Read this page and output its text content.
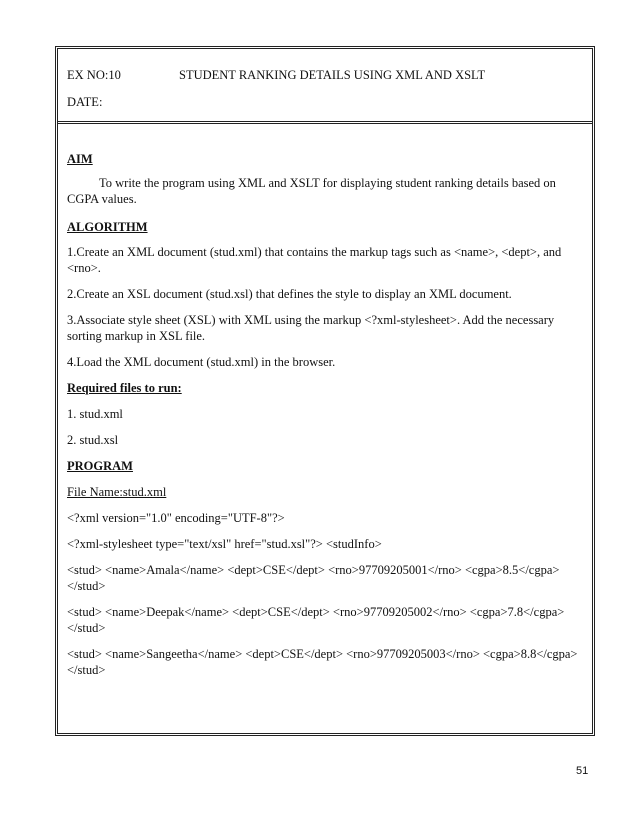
EX NO:10	STUDENT RANKING DETAILS USING XML AND XSLT
DATE:

AIM

To write the program using XML and XSLT for displaying student ranking details based on CGPA values.

ALGORITHM

1.Create an XML document (stud.xml) that contains the markup tags such as <name>, <dept>, and <rno>.

2.Create an XSL document (stud.xsl) that defines the style to display an XML document.

3.Associate style sheet (XSL) with XML using the markup <?xml-stylesheet>. Add the necessary sorting markup in XSL file.

4.Load the XML document (stud.xml) in the browser.

Required files to run:

1. stud.xml

2. stud.xsl

PROGRAM

File Name:stud.xml

<?xml version="1.0" encoding="UTF-8"?>

<?xml-stylesheet type="text/xsl" href="stud.xsl"?> <studInfo>

<stud> <name>Amala</name> <dept>CSE</dept> <rno>97709205001</rno> <cgpa>8.5</cgpa></stud>

<stud> <name>Deepak</name> <dept>CSE</dept> <rno>97709205002</rno> <cgpa>7.8</cgpa></stud>

<stud> <name>Sangeetha</name> <dept>CSE</dept> <rno>97709205003</rno> <cgpa>8.8</cgpa></stud>

51
